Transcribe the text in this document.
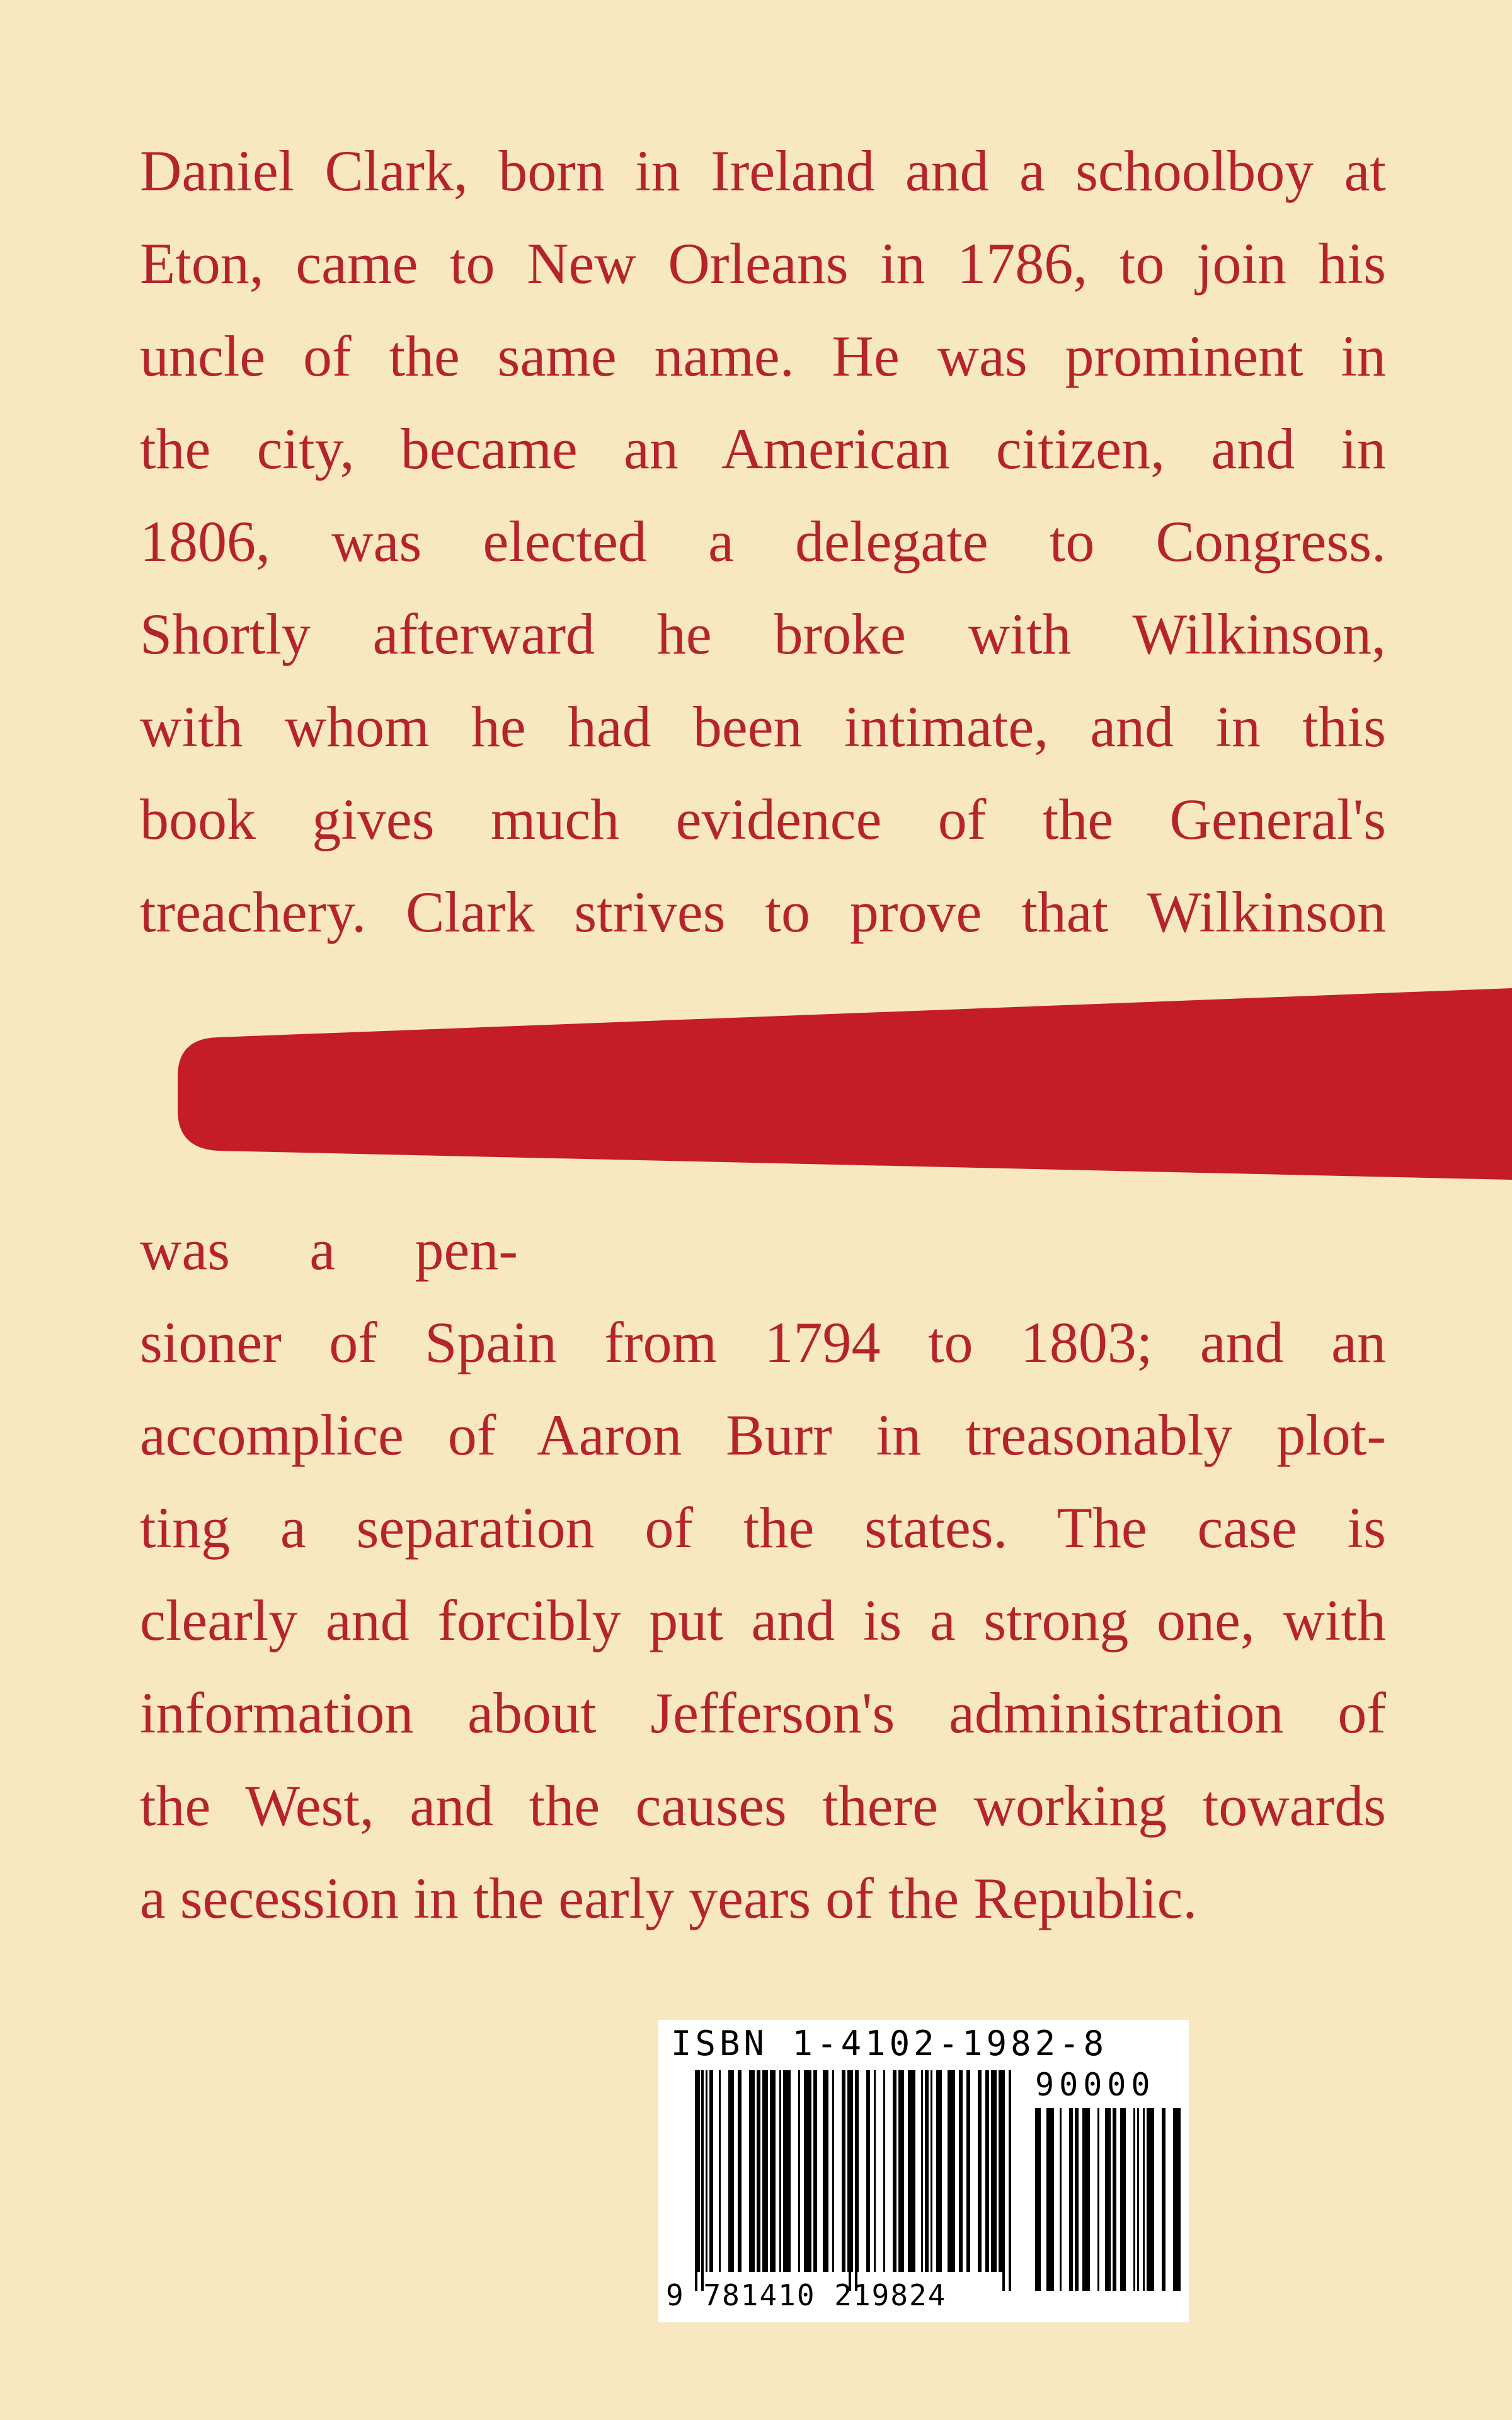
Daniel Clark, born in Ireland and a schoolboy at
Eton, came to New Orleans in 1786, to join his
uncle of the same name. He was prominent in
the city, became an American citizen, and in
1806, was elected a delegate to Congress.
Shortly afterward he broke with Wilkinson,
with whom he had been intimate, and in this
book gives much evidence of the General's
treachery. Clark strives to prove that Wilkinson
was a pen-
sioner of Spain from 1794 to 1803; and an
accomplice of Aaron Burr in treasonably plot-
ting a separation of the states. The case is
clearly and forcibly put and is a strong one, with
information about Jefferson's administration of
the West, and the causes there working towards
a secession in the early years of the Republic.
ISBN 1-4102-1982-8
90000
9 781410 219824
